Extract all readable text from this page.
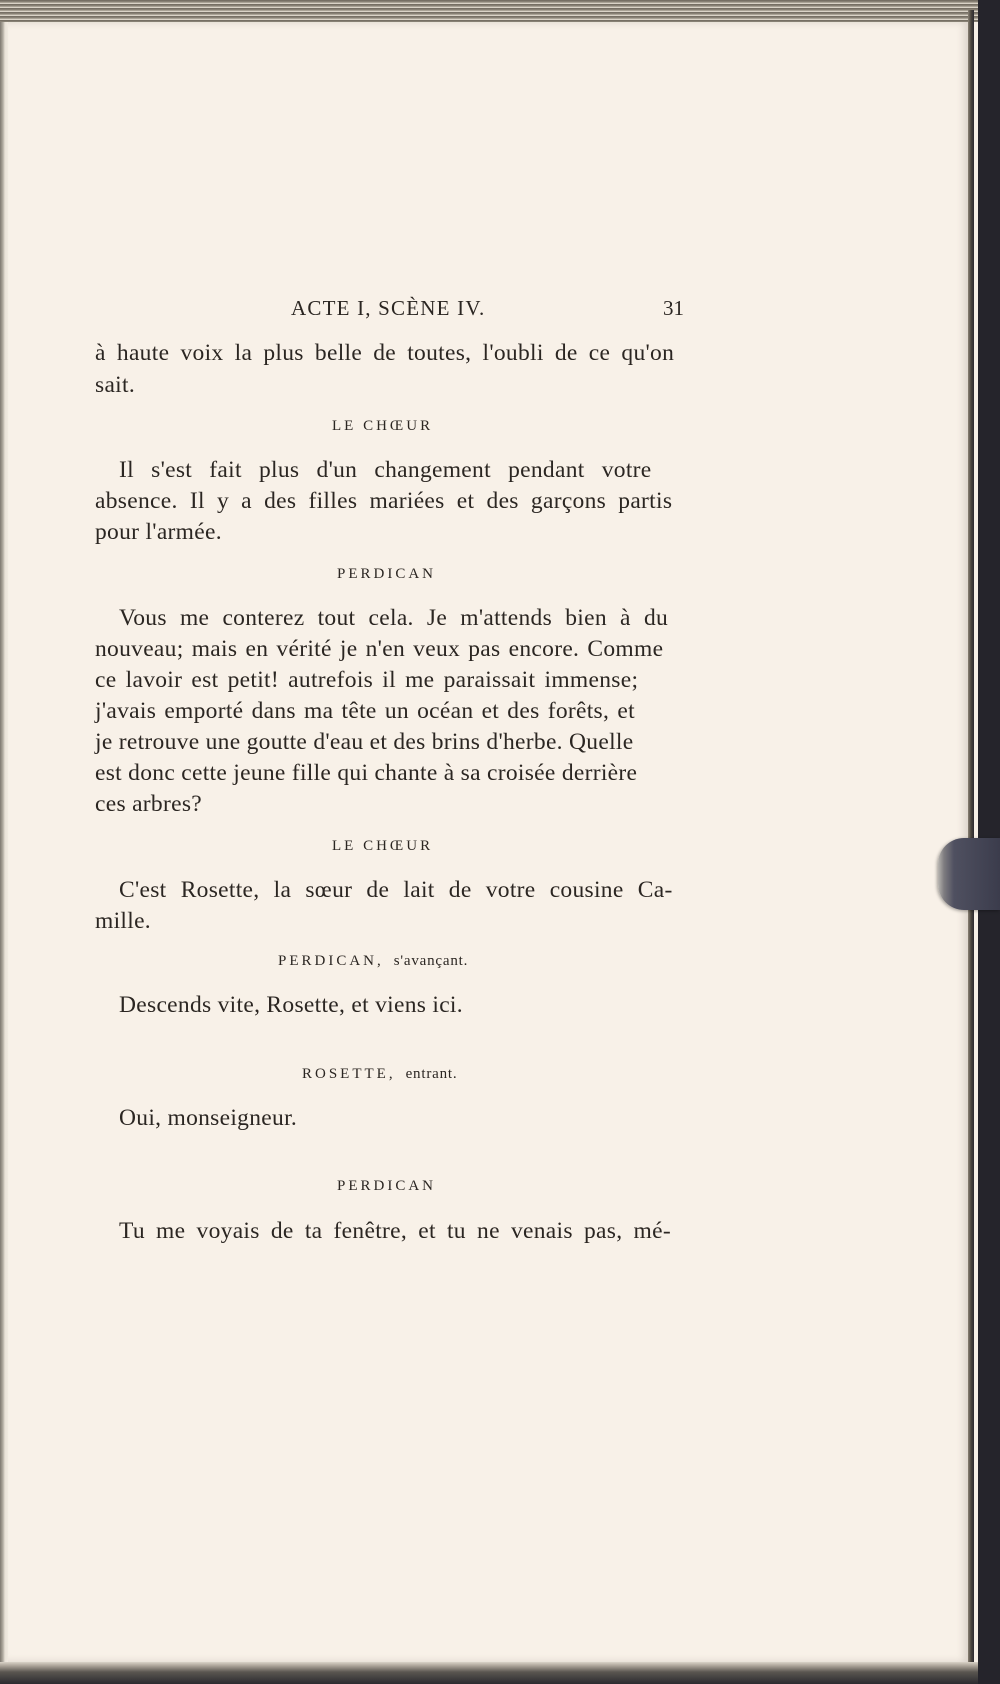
ACTE I, SCÈNE IV.	31
à haute voix la plus belle de toutes, l'oubli de ce qu'on
sait.
LE CHŒUR
Il s'est fait plus d'un changement pendant votre
absence. Il y a des filles mariées et des garçons partis
pour l'armée.
PERDICAN
Vous me conterez tout cela. Je m'attends bien à du
nouveau; mais en vérité je n'en veux pas encore. Comme
ce lavoir est petit! autrefois il me paraissait immense;
j'avais emporté dans ma tête un océan et des forêts, et
je retrouve une goutte d'eau et des brins d'herbe. Quelle
est donc cette jeune fille qui chante à sa croisée derrière
ces arbres?
LE CHŒUR
C'est Rosette, la sœur de lait de votre cousine Ca-
mille.
PERDICAN, s'avançant.
Descends vite, Rosette, et viens ici.
ROSETTE, entrant.
Oui, monseigneur.
PERDICAN
Tu me voyais de ta fenêtre, et tu ne venais pas, mé-
